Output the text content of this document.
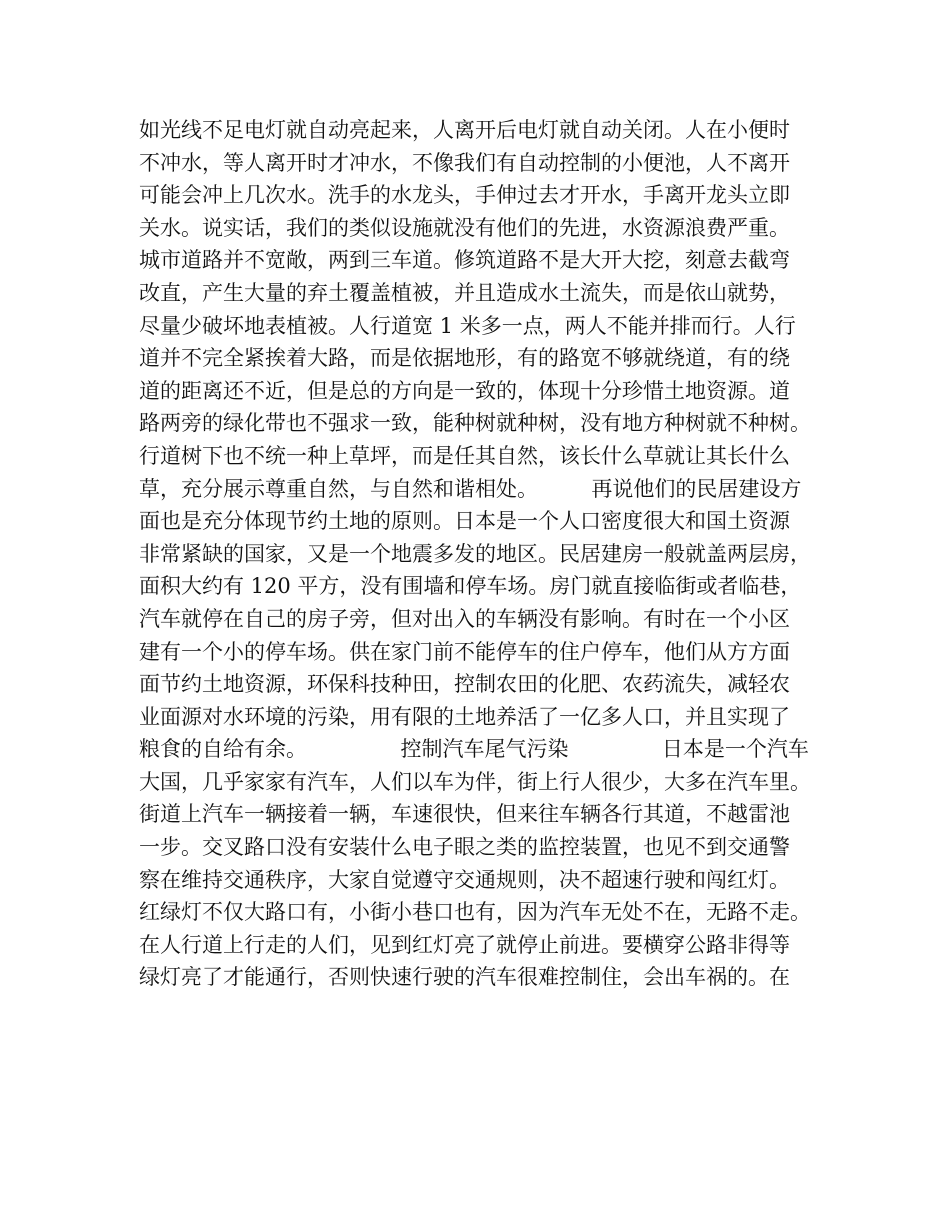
如光线不足电灯就自动亮起来，人离开后电灯就自动关闭。人在小便时
不冲水，等人离开时才冲水，不像我们有自动控制的小便池，人不离开
可能会冲上几次水。洗手的水龙头，手伸过去才开水，手离开龙头立即
关水。说实话，我们的类似设施就没有他们的先进，水资源浪费严重。
城市道路并不宽敞，两到三车道。修筑道路不是大开大挖，刻意去截弯
改直，产生大量的弃土覆盖植被，并且造成水土流失，而是依山就势，
尽量少破坏地表植被。人行道宽 1 米多一点，两人不能并排而行。人行
道并不完全紧挨着大路，而是依据地形，有的路宽不够就绕道，有的绕
道的距离还不近，但是总的方向是一致的，体现十分珍惜土地资源。道
路两旁的绿化带也不强求一致，能种树就种树，没有地方种树就不种树。
行道树下也不统一种上草坪，而是任其自然，该长什么草就让其长什么
草，充分展示尊重自然，与自然和谐相处。        再说他们的民居建设方
面也是充分体现节约土地的原则。日本是一个人口密度很大和国土资源
非常紧缺的国家，又是一个地震多发的地区。民居建房一般就盖两层房，
面积大约有 120 平方，没有围墙和停车场。房门就直接临街或者临巷，
汽车就停在自己的房子旁，但对出入的车辆没有影响。有时在一个小区
建有一个小的停车场。供在家门前不能停车的住户停车，他们从方方面
面节约土地资源，环保科技种田，控制农田的化肥、农药流失，减轻农
业面源对水环境的污染，用有限的土地养活了一亿多人口，并且实现了
粮食的自给有余。              控制汽车尾气污染              日本是一个汽车
大国，几乎家家有汽车，人们以车为伴，街上行人很少，大多在汽车里。
街道上汽车一辆接着一辆，车速很快，但来往车辆各行其道，不越雷池
一步。交叉路口没有安装什么电子眼之类的监控装置，也见不到交通警
察在维持交通秩序，大家自觉遵守交通规则，决不超速行驶和闯红灯。
红绿灯不仅大路口有，小街小巷口也有，因为汽车无处不在，无路不走。
在人行道上行走的人们，见到红灯亮了就停止前进。要横穿公路非得等
绿灯亮了才能通行，否则快速行驶的汽车很难控制住，会出车祸的。在
